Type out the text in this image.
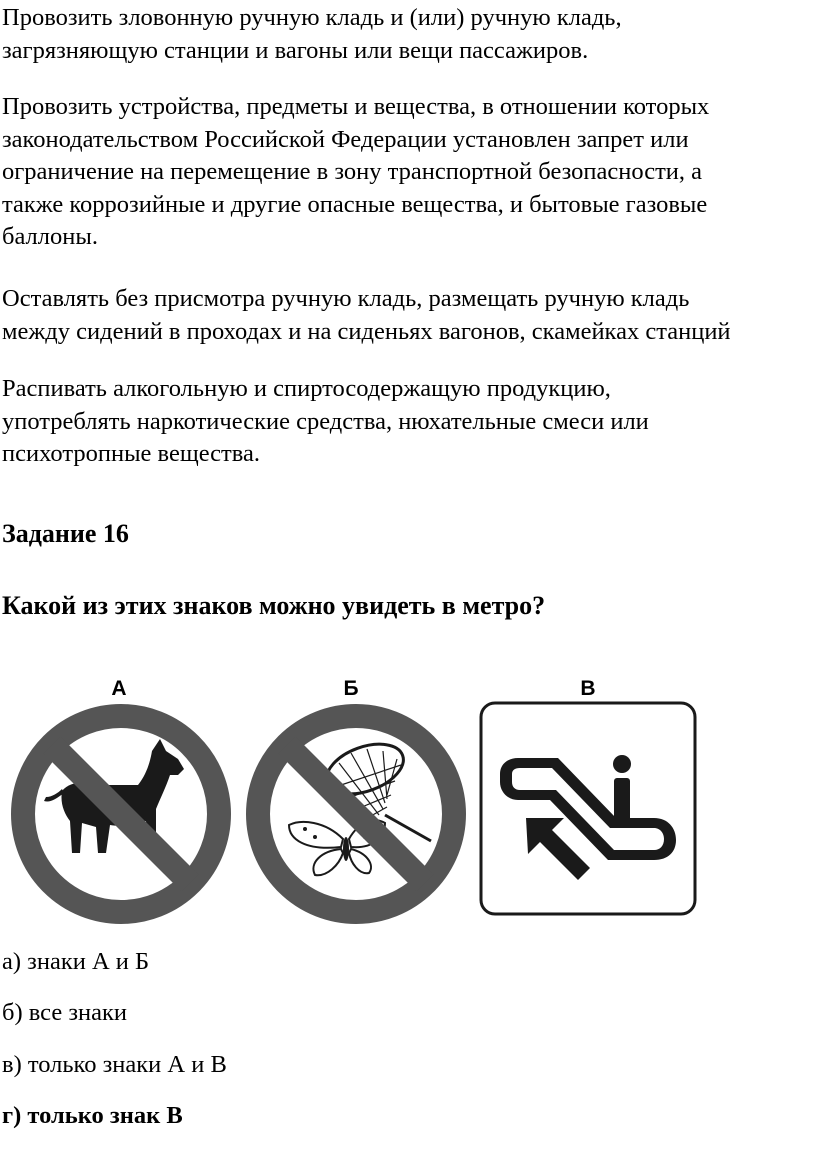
Провозить зловонную ручную кладь и (или) ручную кладь,
загрязняющую станции и вагоны или вещи пассажиров.

Провозить устройства, предметы и вещества, в отношении которых
законодательством Российской Федерации установлен запрет или
ограничение на перемещение в зону транспортной безопасности, а
также коррозийные и другие опасные вещества, и бытовые газовые
баллоны.

Оставлять без присмотра ручную кладь, размещать ручную кладь
между сидений в проходах и на сиденьях вагонов, скамейках станций

Распивать алкогольную и спиртосодержащую продукцию,
употреблять наркотические средства, нюхательные смеси или
психотропные вещества.

Задание 16
Какой из этих знаков можно увидеть в метро?
А	Б	В

а) знаки А и Б

б) все знаки

в) только знаки А и В

г) только знак В
